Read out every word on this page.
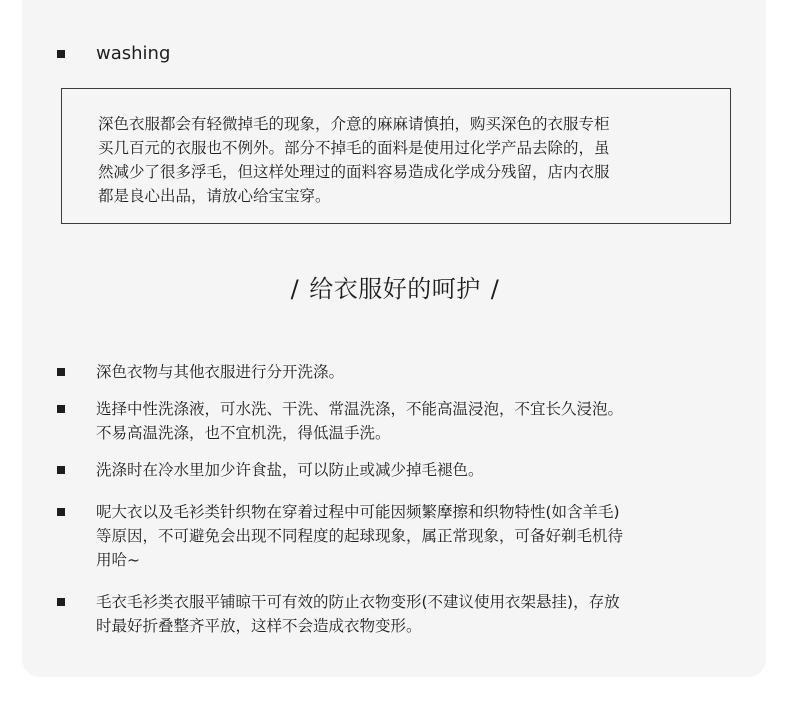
washing

深色衣服都会有轻微掉毛的现象，介意的麻麻请慎拍，购买深色的衣服专柜
买几百元的衣服也不例外。部分不掉毛的面料是使用过化学产品去除的，虽
然减少了很多浮毛，但这样处理过的面料容易造成化学成分残留，店内衣服
都是良心出品，请放心给宝宝穿。

/ 给衣服好的呵护 /
深色衣物与其他衣服进行分开洗涤。
选择中性洗涤液，可水洗、干洗、常温洗涤，不能高温浸泡，不宜长久浸泡。
不易高温洗涤，也不宜机洗，得低温手洗。
洗涤时在冷水里加少许食盐，可以防止或减少掉毛褪色。
呢大衣以及毛衫类针织物在穿着过程中可能因频繁摩擦和织物特性(如含羊毛)
等原因，不可避免会出现不同程度的起球现象，属正常现象，可备好剃毛机待
用哈~
毛衣毛衫类衣服平铺晾干可有效的防止衣物变形(不建议使用衣架悬挂)，存放
时最好折叠整齐平放，这样不会造成衣物变形。
